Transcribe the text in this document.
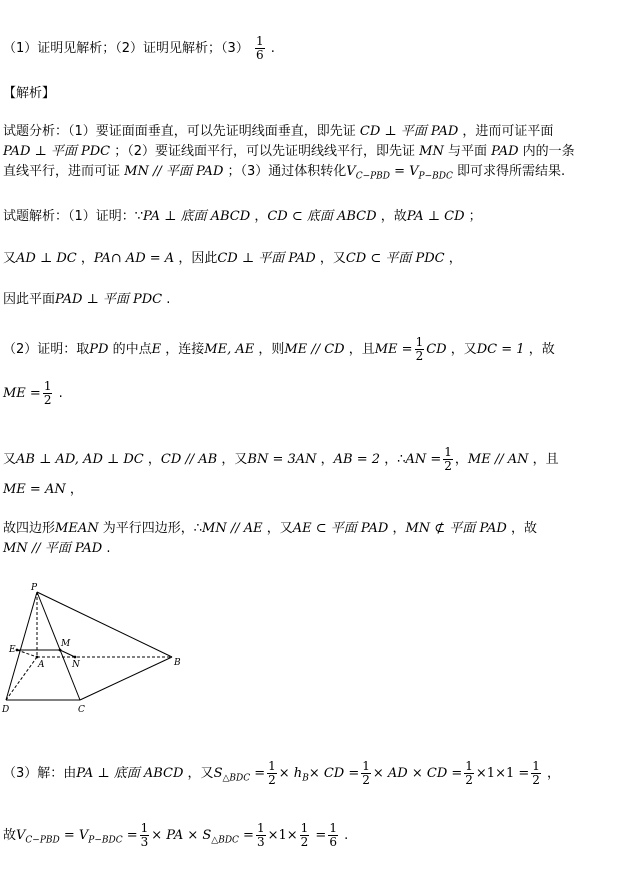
（1）证明见解析；（2）证明见解析；$(3) \frac{1}{6}$ .
【解析】
试题分析：（1）要证面面垂直，可以先证明线面垂直，即先证 CD ⊥ 平面 PAD ，进而可证平面
PAD ⊥ 平面 PDC ；（2）要证线面平行，可以先证明线线平行，即先证 MN 与平面 PAD 内的一条
直线平行，进而可证 MN // 平面 PAD ；（3）通过体积转化$V_{C-PBD} = V_{P-BDC}$ 即可求得所需结果.
试题解析：（1）证明：∵PA ⊥ 底面 ABCD ，CD ⊂ 底面 ABCD ，故PA ⊥ CD ；
又AD ⊥ DC ，PA∩ AD = A ，因此CD ⊥ 平面 PAD ，又CD ⊂ 平面 PDC ，
因此平面PAD ⊥ 平面 PDC .
（2）证明：取PD 的中点E ，连接ME, AE ，则ME // CD ，且ME = $\frac{1}{2}$ CD ，又DC = 1 ，故
ME = $\frac{1}{2}$ .
又AB ⊥ AD, AD ⊥ DC ，CD // AB ，又BN = 3AN ，AB = 2 ，∴AN = $\frac{1}{2}$ ，ME // AN ，且
ME = AN ，
故四边形MEAN 为平行四边形，∴MN // AE ，又AE ⊂ 平面 PAD ，MN ⊄ 平面 PAD ，故
MN // 平面 PAD .
P
E
M
A	N	B
D	C
（3）解：由PA ⊥ 底面 ABCD ，又$S_{\triangle BDC} = \frac{1}{2} \times h_B\times$ CD = $\frac{1}{2}$ × AD × CD = $\frac{1}{2} \times 1\times 1 = \frac{1}{2}$ ，
故$V_{C-PBD} = V_{P-BDC} = \frac{1}{3}$ × PA × $S_{\triangle BDC} = \frac{1}{3} \times 1\times \frac{1}{2} = \frac{1}{6}$ .
